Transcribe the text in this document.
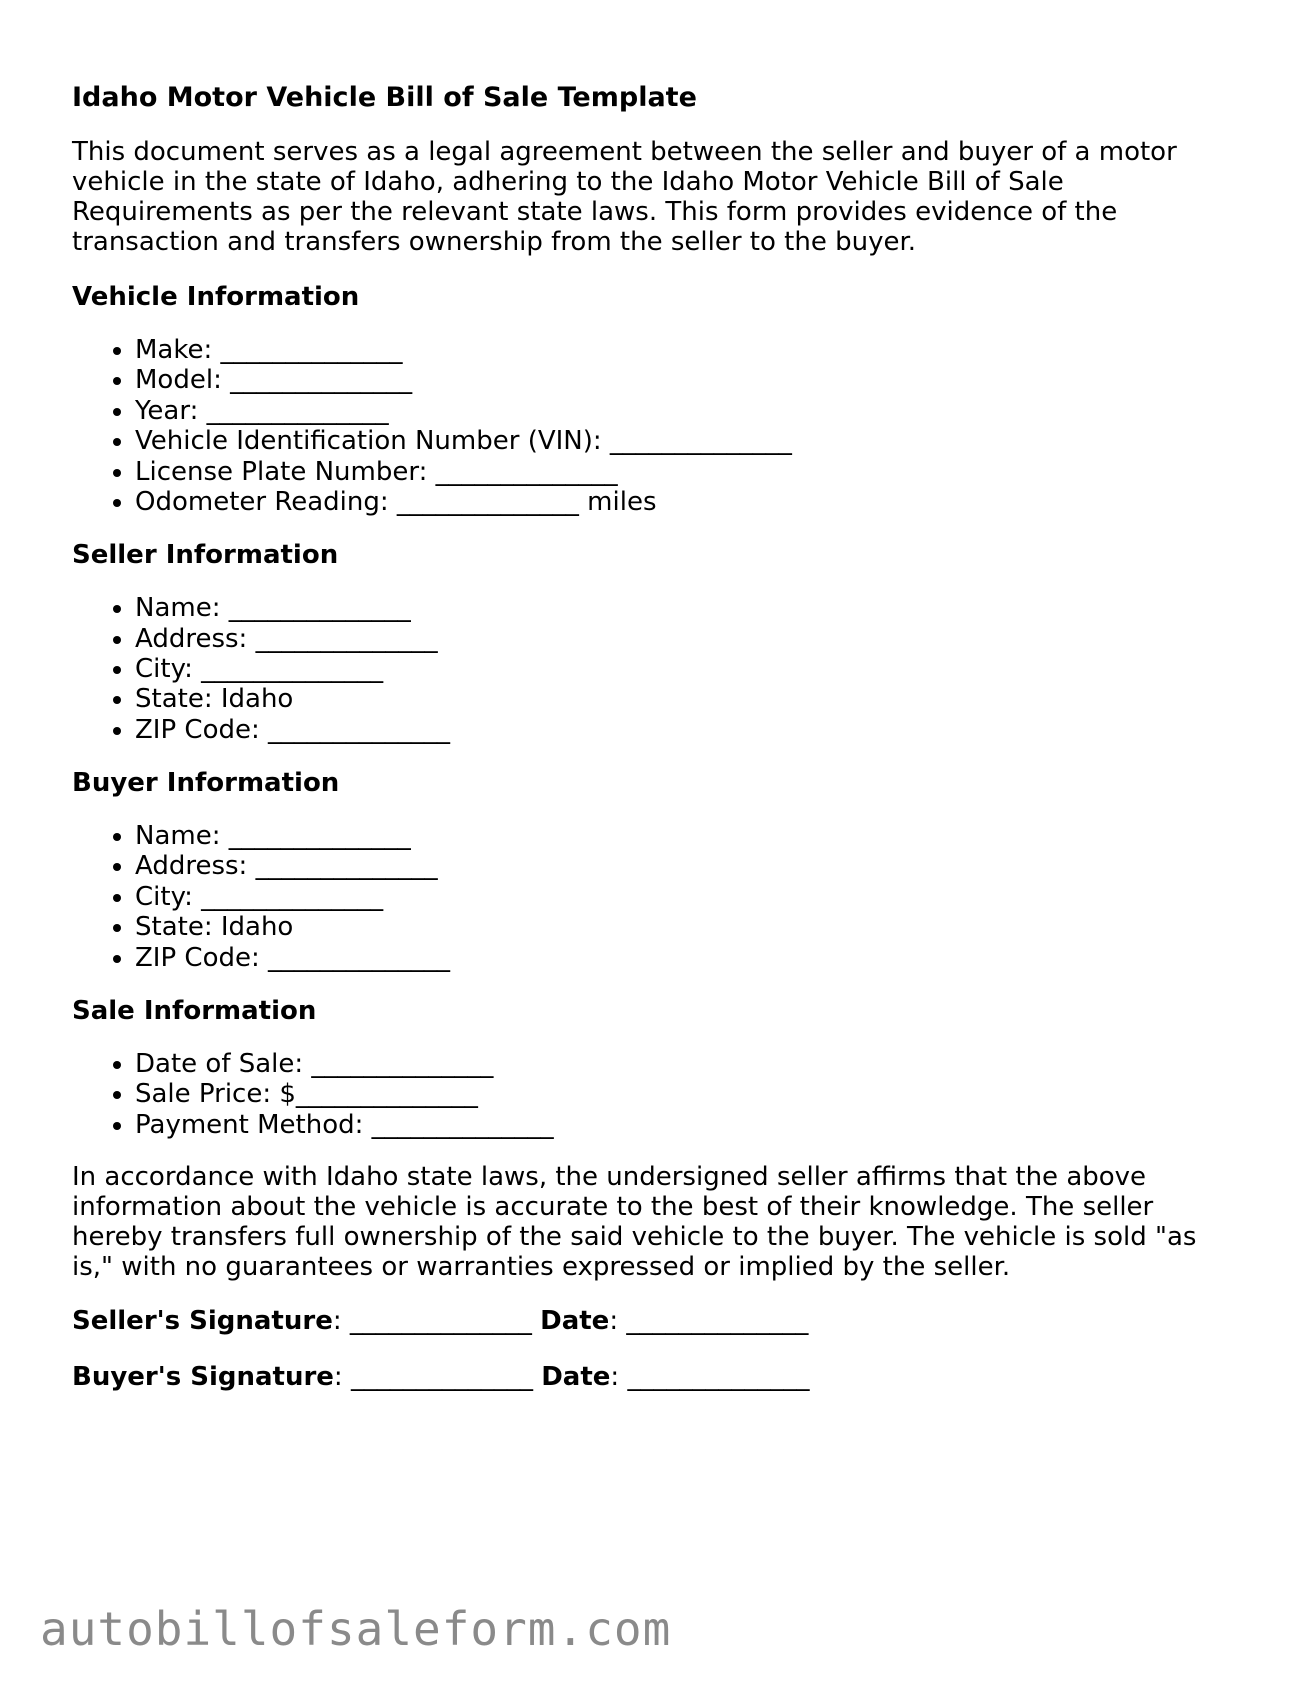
Idaho Motor Vehicle Bill of Sale Template

This document serves as a legal agreement between the seller and buyer of a motor vehicle in the state of Idaho, adhering to the Idaho Motor Vehicle Bill of Sale Requirements as per the relevant state laws. This form provides evidence of the transaction and transfers ownership from the seller to the buyer.

Vehicle Information
• Make: ______________
• Model: ______________
• Year: ______________
• Vehicle Identification Number (VIN): ______________
• License Plate Number: ______________
• Odometer Reading: ______________ miles
Seller Information
• Name: ______________
• Address: ______________
• City: ______________
• State: Idaho
• ZIP Code: ______________
Buyer Information
• Name: ______________
• Address: ______________
• City: ______________
• State: Idaho
• ZIP Code: ______________
Sale Information
• Date of Sale: ______________
• Sale Price: $______________
• Payment Method: ______________

In accordance with Idaho state laws, the undersigned seller affirms that the above information about the vehicle is accurate to the best of their knowledge. The seller hereby transfers full ownership of the said vehicle to the buyer. The vehicle is sold "as is," with no guarantees or warranties expressed or implied by the seller.

Seller's Signature: ______________ Date: ______________
Buyer's Signature: ______________ Date: ______________
autobillofsaleform.com
